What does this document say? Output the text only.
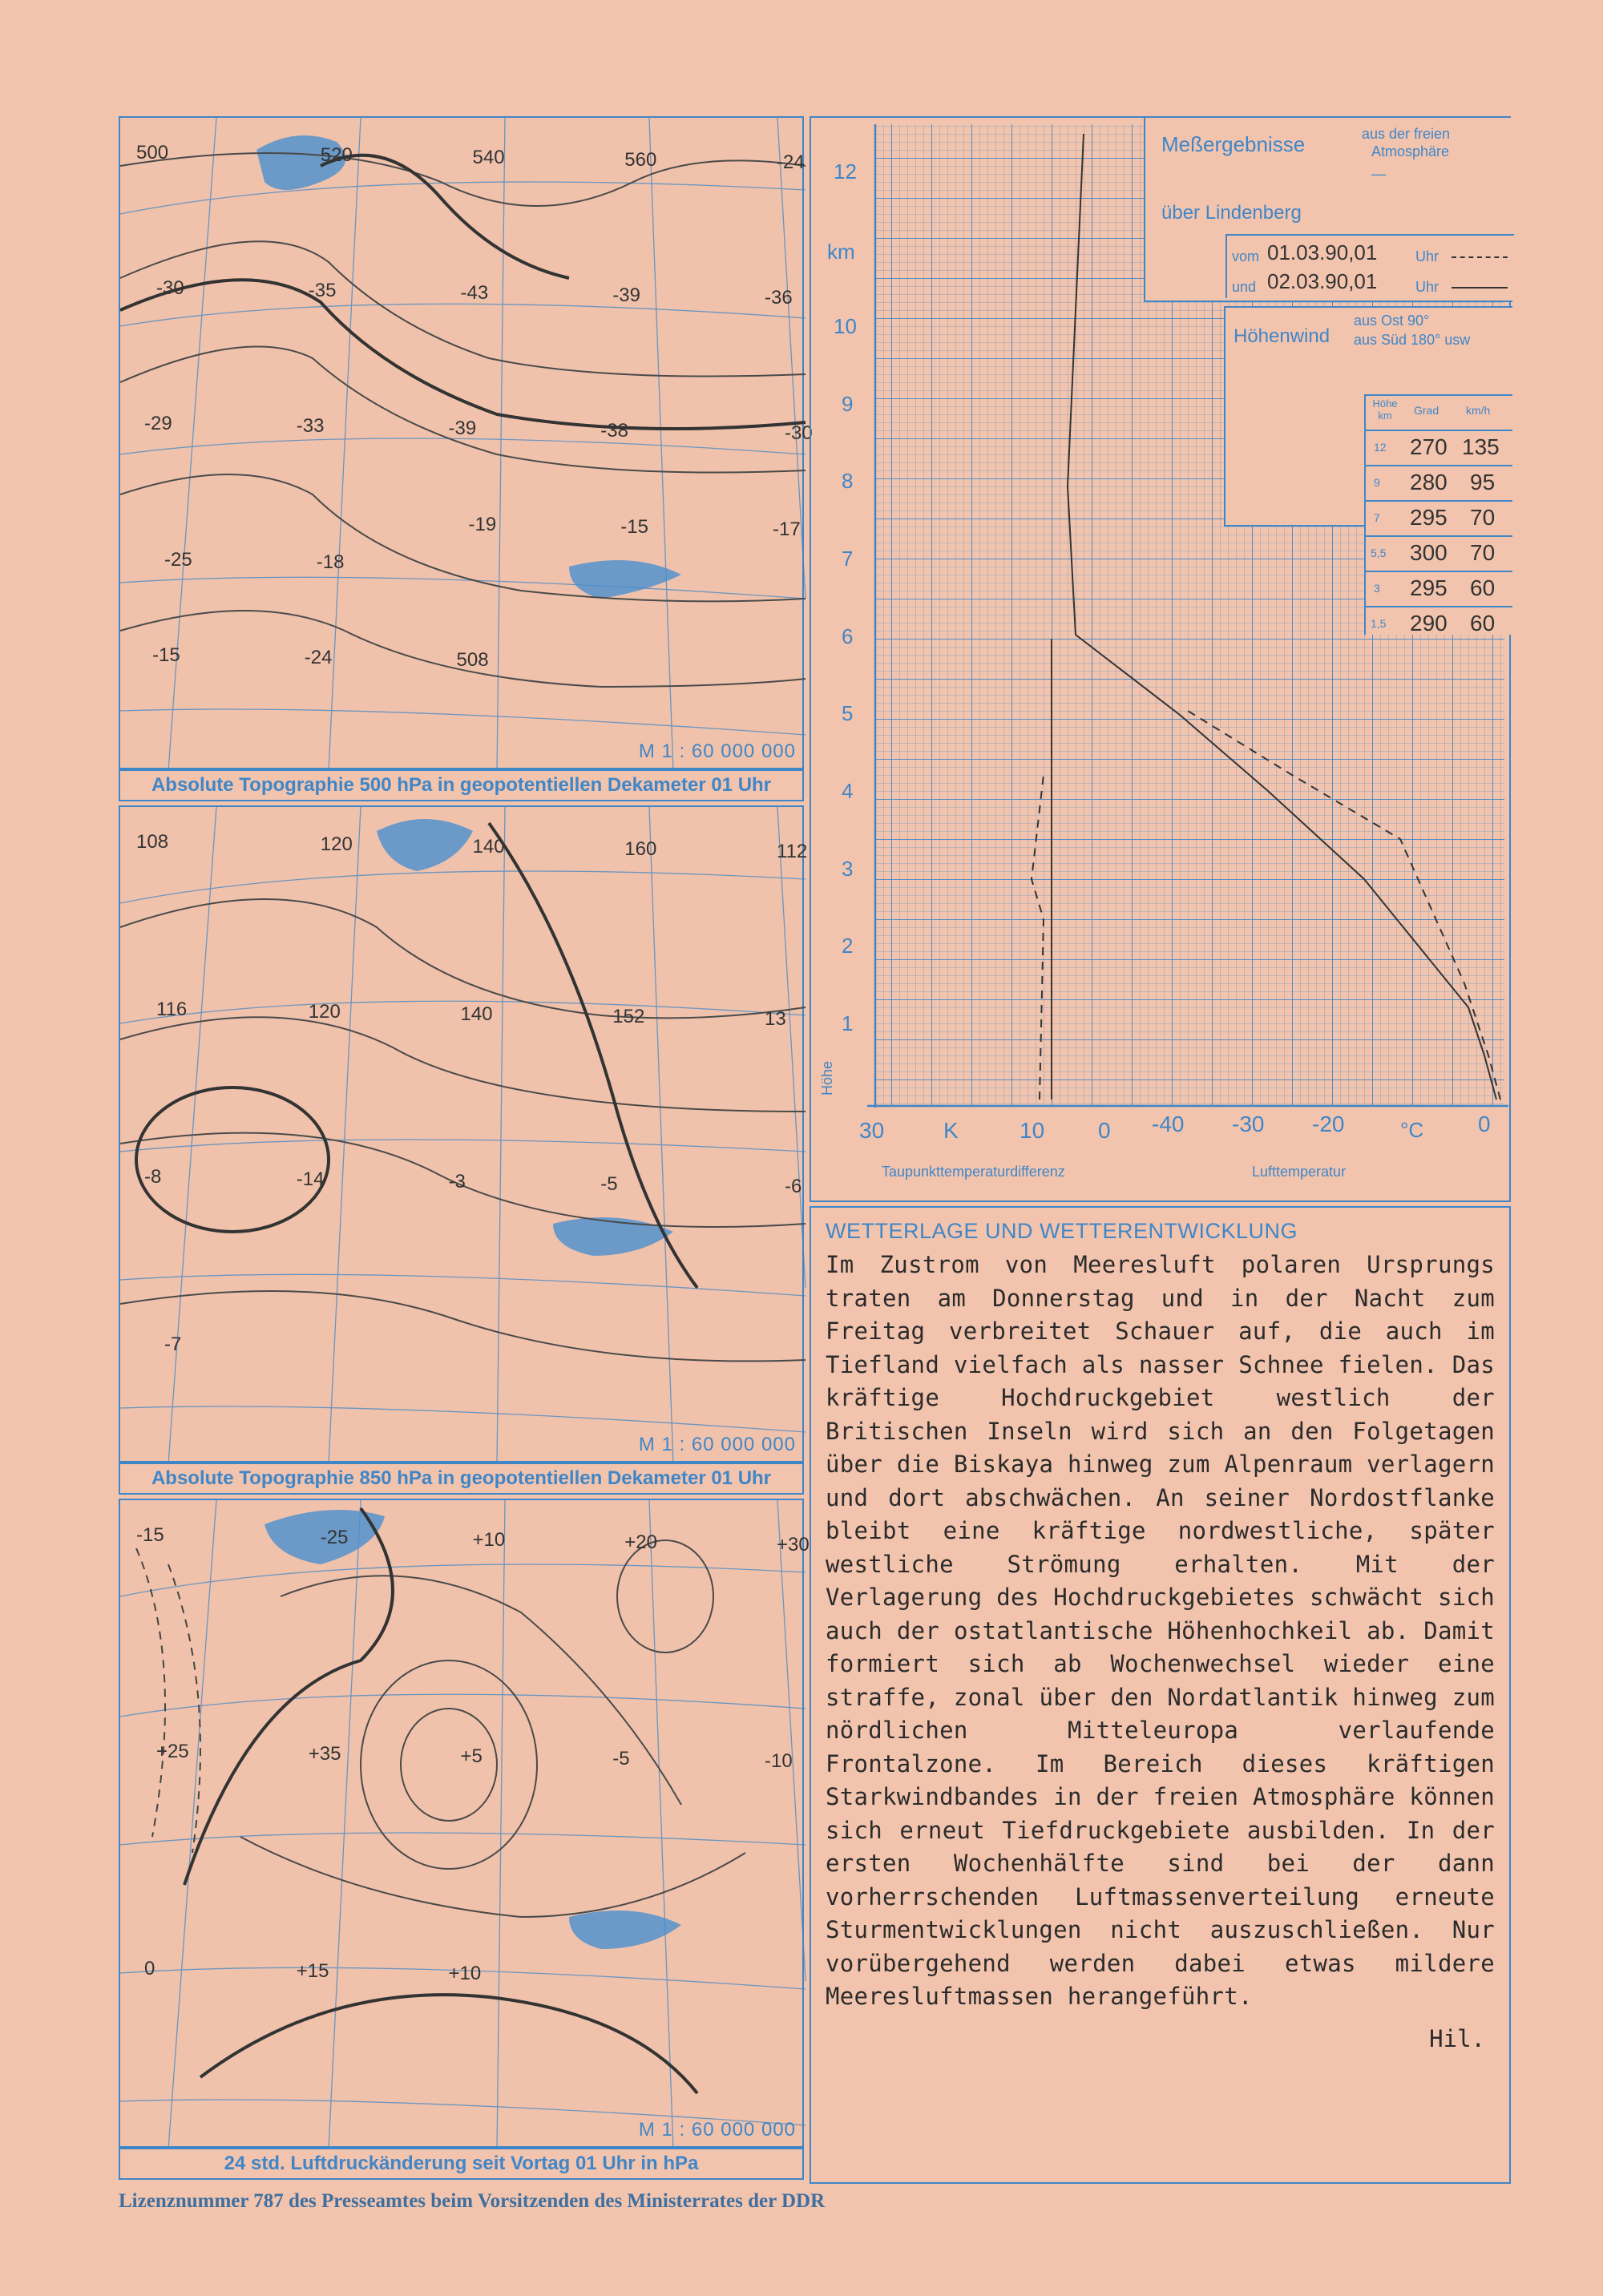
M 1 : 60 000 000
500	520	540	560	-24
-30	-35	-43	-39	-36
-29	-33	-39	-38	-30
-25	-18
-19	-15	-17
-15	-24	508
Absolute Topographie 500 hPa in geopotentiellen Dekameter 01 Uhr
M 1 : 60 000 000
108	120	140	160	112
116	120	140	152	13
-8	-14	-3	-5	-6
-7
Absolute Topographie 850 hPa in geopotentiellen Dekameter 01 Uhr
M 1 : 60 000 000
-15	-25	+10	+20	+30
+25	+35	+5	-5	-10
0	+15	+10
24 std. Luftdruckänderung seit Vortag 01 Uhr in hPa
km
12
10
9
8
7
6
5
4
3
2
1
Höhe
30	K	10 0 -40 -30 -20	°C 0
Taupunkttemperaturdifferenz	Lufttemperatur
Meßergebnisse	aus der freien
Atmosphäre
—
über Lindenberg
vom 01.03.90,01	Uhr
und 02.03.90,01	Uhr
Höhenwind
aus Ost 90°
aus Süd 180° usw
Höhe km	Grad km/h
12 270 135
9 280 95
7 295 70
5,5 300 70
3 295 60
1,5 290 60
WETTERLAGE UND WETTERENTWICKLUNG
Im Zustrom von Meeresluft polaren Ursprungs traten am Donnerstag und in der Nacht zum Freitag verbreitet Schauer auf, die auch im Tiefland vielfach als nasser Schnee fielen. Das kräftige Hochdruckgebiet westlich der Britischen Inseln wird sich an den Folgetagen über die Biskaya hinweg zum Alpenraum verlagern und dort abschwächen. An seiner Nordostflanke bleibt eine kräftige nordwestliche, später westliche Strömung erhalten. Mit der Verlagerung des Hochdruckgebietes schwächt sich auch der ostatlantische Höhenhochkeil ab. Damit formiert sich ab Wochenwechsel wieder eine straffe, zonal über den Nordatlantik hinweg zum nördlichen Mitteleuropa verlaufende Frontalzone. Im Bereich dieses kräftigen Starkwindbandes in der freien Atmosphäre können sich erneut Tiefdruckgebiete ausbilden. In der ersten Wochenhälfte sind bei der dann vorherrschenden Luftmassenverteilung erneute Sturmentwicklungen nicht auszuschließen. Nur vorübergehend werden dabei etwas mildere Meeresluftmassen herangeführt.
Hil.
Lizenznummer 787 des Presseamtes beim Vorsitzenden des Ministerrates der DDR
